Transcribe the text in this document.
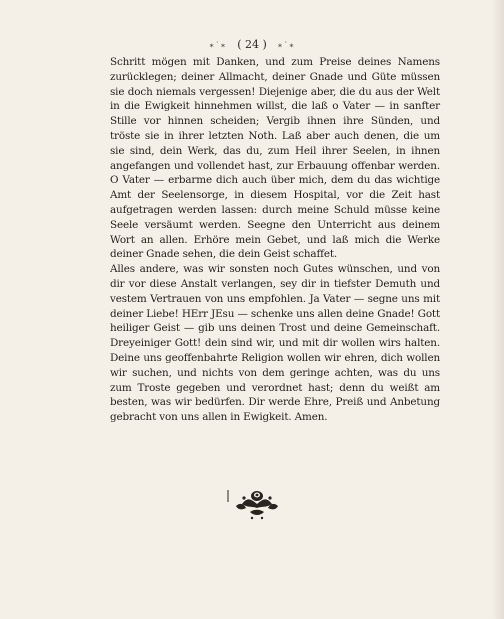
∗˙∗ ( 24 ) ∗˙∗

Schritt mögen mit Danken, und zum Preise deines Namens zurücklegen; deiner Allmacht, deiner Gnade und Güte müssen sie doch niemals vergessen! Diejenige aber, die du aus der Welt in die Ewigkeit hinnehmen willst, die laß o Vater — in sanfter Stille vor hinnen scheiden; Vergib ihnen ihre Sünden, und tröste sie in ihrer letzten Noth. Laß aber auch denen, die um sie sind, dein Werk, das du, zum Heil ihrer Seelen, in ihnen angefangen und vollendet hast, zur Erbauung offenbar werden. O Vater — erbarme dich auch über mich, dem du das wichtige Amt der Seelensorge, in diesem Hospital, vor die Zeit hast aufgetragen werden lassen: durch meine Schuld müsse keine Seele versäumt werden. Seegne den Unterricht aus deinem Wort an allen. Erhöre mein Gebet, und laß mich die Werke deiner Gnade sehen, die dein Geist schaffet.

Alles andere, was wir sonsten noch Gutes wünschen, und von dir vor diese Anstalt verlangen, sey dir in tiefster Demuth und vestem Vertrauen von uns empfohlen. Ja Vater — segne uns mit deiner Liebe! HErr JEsu — schenke uns allen deine Gnade! Gott heiliger Geist — gib uns deinen Trost und deine Gemeinschaft. Dreyeiniger Gott! dein sind wir, und mit dir wollen wirs halten. Deine uns geoffenbahrte Religion wollen wir ehren, dich wollen wir suchen, und nichts von dem geringe achten, was du uns zum Troste gegeben und verordnet hast; denn du weißt am besten, was wir bedürfen. Dir werde Ehre, Preiß und Anbetung gebracht von uns allen in Ewigkeit. Amen.
